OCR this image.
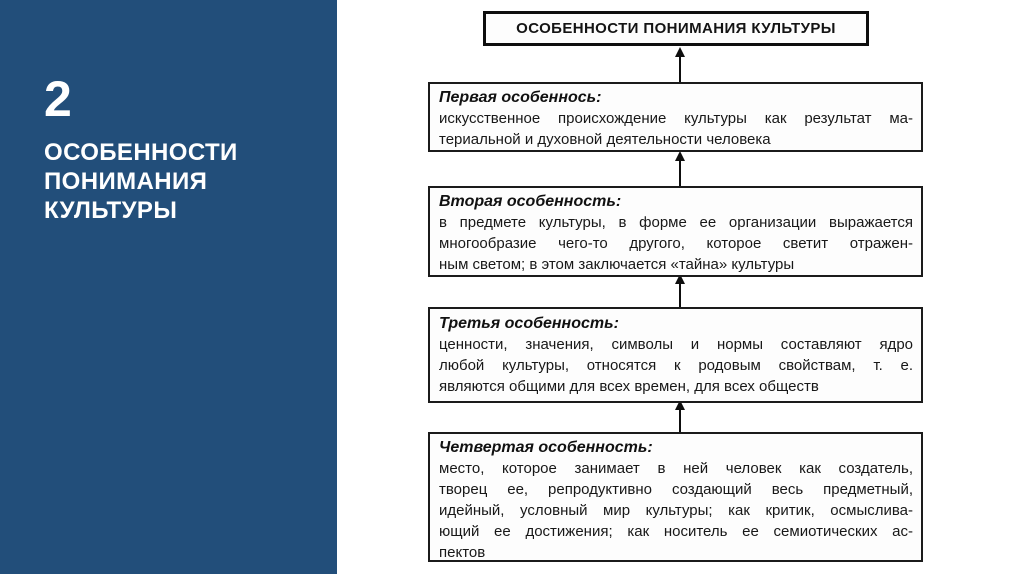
2
ОСОБЕННОСТИ
ПОНИМАНИЯ
КУЛЬТУРЫ
ОСОБЕННОСТИ ПОНИМАНИЯ КУЛЬТУРЫ
Первая особеннось:
искусственное происхождение культуры как результат ма-
териальной и духовной деятельности человека
Вторая особенность:
в предмете культуры, в форме ее организации выражается
многообразие чего-то другого, которое светит отражен-
ным светом; в этом заключается «тайна» культуры
Третья особенность:
ценности, значения, символы и нормы составляют ядро
любой культуры, относятся к родовым свойствам, т. е.
являются общими для всех времен, для всех обществ
Четвертая особенность:
место, которое занимает в ней человек как создатель,
творец ее, репродуктивно создающий весь предметный,
идейный, условный мир культуры; как критик, осмыслива-
ющий ее достижения; как носитель ее семиотических ас-
пектов
